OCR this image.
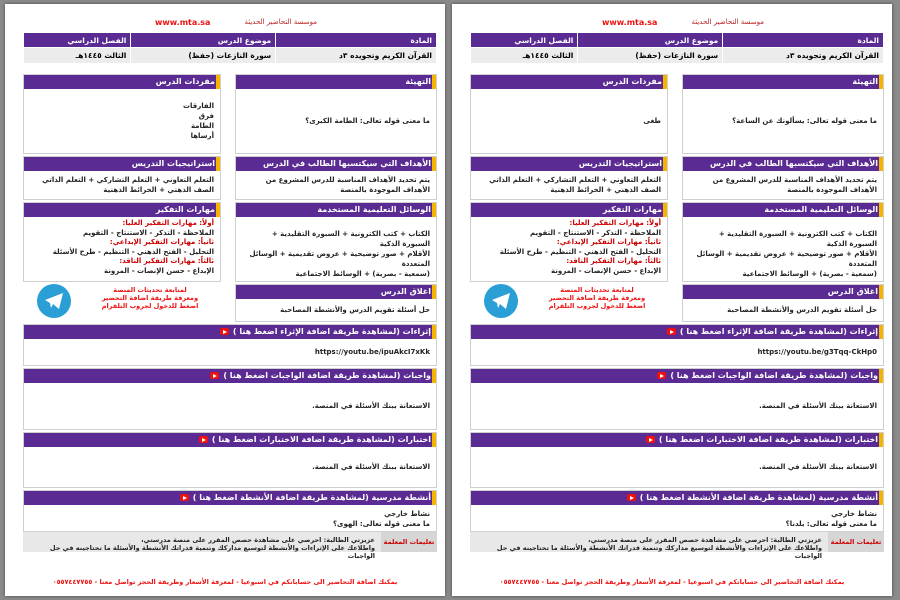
موسسة التحاضير الحديثة
www.mta.sa
المادة	موضوع الدرس	الفصل الدراسي
القرآن الكريم وتجويده ٣د	سورة النازعات (حفظ)	الثالث ١٤٤٥هـ
التهيئة
ما معنى قوله تعالى: يسألونك عن الساعة؟
مفردات الدرس
طغى
الأهداف التي سيكتسبها الطالب في الدرس
يتم تحديد الأهداف المناسبة للدرس المشروع من الأهداف الموجودة بالمنصة
استراتيجيات التدريس
التعلم التعاوني + التعلم التشاركي + التعلم الذاتي
الصف الذهني + الخرائط الذهنية
الوسائل التعليمية المستخدمة
الكتاب + كتب الكترونية + السبورة التقليدية + السبورة الذكية
الأقلام + صور توضيحية + عروض تقديمية + الوسائل المتعددة
(سمعية - بصرية) + الوسائط الاجتماعية
مهارات التفكير
أولاً: مهارات التفكير العليا:
الملاحظة - التذكر - الاستنتاج - التقويم
ثانياً: مهارات التفكير الإبداعي:
التحليل - الفتح الذهني - التنظيم - طرح الأسئلة
ثالثاً: مهارات التفكير الناقد:
الإبداع - حسن الإنصات - المرونة
اغلاق الدرس
حل أسئلة تقويم الدرس والأنشطة المصاحبة
لمتابعة تحديثات المنصة
ومعرفة طريقة اضافة التحضير
اضغط للدخول لجروب التلقرام
إثراءات (لمشاهدة طريقة اضافة الإثراء اضغط هنا )
https://youtu.be/g3Tqq-CkHp0
واجبات (لمشاهدة طريقة اضافة الواجبات اضغط هنا )
الاستعانة ببنك الأسئلة في المنصة.
اختبارات (لمشاهدة طريقة اضافة الاختبارات اضغط هنا )
الاستعانة ببنك الأسئلة في المنصة.
أنشطة مدرسية (لمشاهدة طريقة اضافة الأنشطة اضغط هنا )
نشاط خارجي
ما معنى قوله تعالى: بلدنا؟
تعليمات المعلمة
عزيزتي الطالبة: احرصي على مشاهدة حصص المقرر على منصة مدرستي،
واطلاعك على الإثراءات والأنشطة لتوسيع مداركك وتنمية قدراتك الأنشطة والأسئلة ما تحتاجينه في حل الواجبات
بمكنك اضافة التحاضير الى حساباتكم في اسبوعيا - لمعرفة الأسعار وطريقة الحجز تواصل معنا - ٠٥٥٧٤٤٧٧٥٥
موسسة التحاضير الحديثة
www.mta.sa
المادة	موضوع الدرس	الفصل الدراسي
القرآن الكريم وتجويده ٣د	سورة النازعات (حفظ)	الثالث ١٤٤٥هـ
التهيئة
ما معنى قوله تعالى: الطامة الكبرى؟
مفردات الدرس
الفارقات
فرق
الطامة
أرساها
الأهداف التي سيكتسبها الطالب في الدرس
يتم تحديد الأهداف المناسبة للدرس المشروع من الأهداف الموجودة بالمنصة
استراتيجيات التدريس
التعلم التعاوني + التعلم التشاركي + التعلم الذاتي
الصف الذهني + الخرائط الذهنية
الوسائل التعليمية المستخدمة
الكتاب + كتب الكترونية + السبورة التقليدية + السبورة الذكية
الأقلام + صور توضيحية + عروض تقديمية + الوسائل المتعددة
(سمعية - بصرية) + الوسائط الاجتماعية
مهارات التفكير
أولاً: مهارات التفكير العليا:
الملاحظة - التذكر - الاستنتاج - التقويم
ثانياً: مهارات التفكير الإبداعي:
التحليل - الفتح الذهني - التنظيم - طرح الأسئلة
ثالثاً: مهارات التفكير الناقد:
الإبداع - حسن الإنصات - المرونة
اغلاق الدرس
حل أسئلة تقويم الدرس والأنشطة المصاحبة
لمتابعة تحديثات المنصة
ومعرفة طريقة اضافة التحضير
اضغط للدخول لجروب التلقرام
إثراءات (لمشاهدة طريقة اضافة الإثراء اضغط هنا )
https://youtu.be/ipuAkcI7xKk
واجبات (لمشاهدة طريقة اضافة الواجبات اضغط هنا )
الاستعانة ببنك الأسئلة في المنصة.
اختبارات (لمشاهدة طريقة اضافة الاختبارات اضغط هنا )
الاستعانة ببنك الأسئلة في المنصة.
أنشطة مدرسية (لمشاهدة طريقة اضافة الأنشطة اضغط هنا )
نشاط خارجي
ما معنى قوله تعالى: الهوى؟
تعليمات المعلمة
عزيزتي الطالبة: احرصي على مشاهدة حصص المقرر على منصة مدرستي،
واطلاعك على الإثراءات والأنشطة لتوسيع مداركك وتنمية قدراتك الأنشطة والأسئلة ما تحتاجينه في حل الواجبات
بمكنك اضافة التحاضير الى حساباتكم في اسبوعيا - لمعرفة الأسعار وطريقة الحجز تواصل معنا - ٠٥٥٧٤٤٧٧٥٥
